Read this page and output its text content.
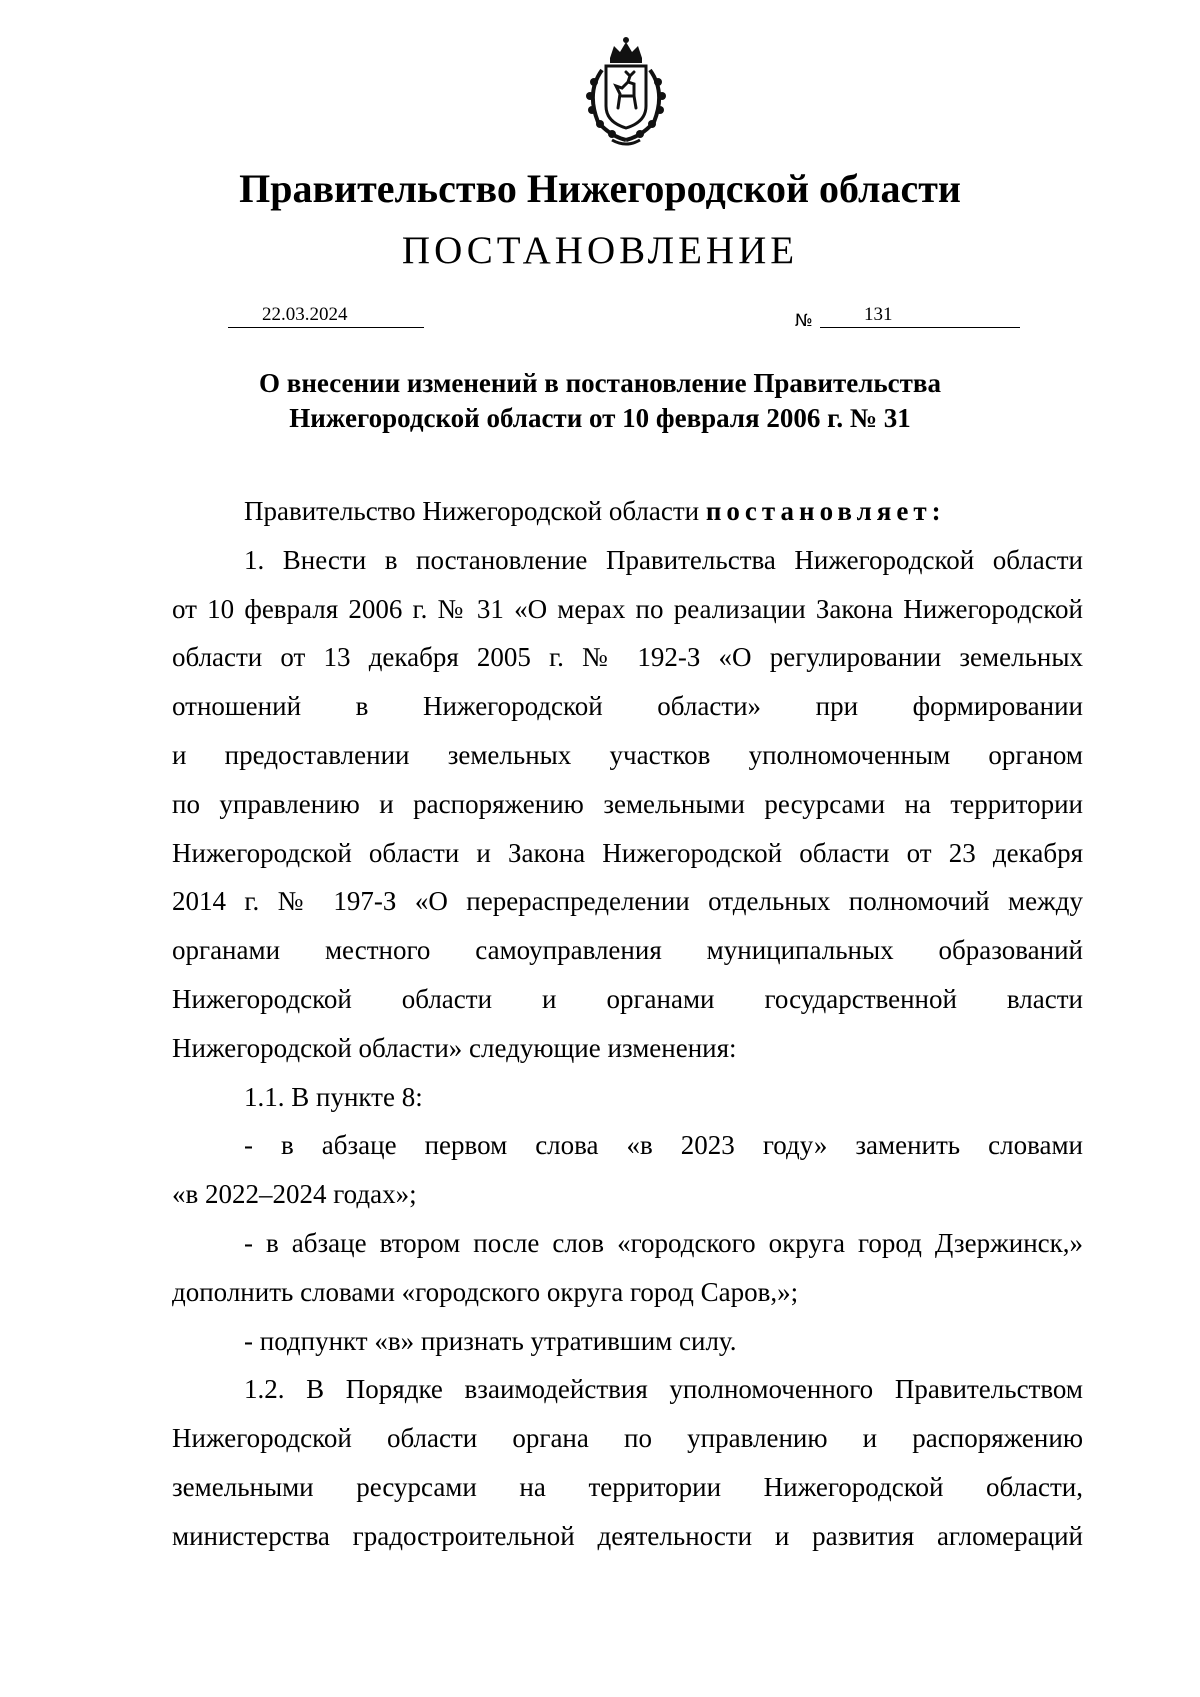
Правительство Нижегородской области
ПОСТАНОВЛЕНИЕ
22.03.2024	№	131
О внесении изменений в постановление Правительства
Нижегородской области от 10 февраля 2006 г. № 31

Правительство Нижегородской области постановляет:

1. Внести в постановление Правительства Нижегородской области

от 10 февраля 2006 г. № 31 «О мерах по реализации Закона Нижегородской

области от 13 декабря 2005 г. № 192-З «О регулировании земельных

отношений в Нижегородской области» при формировании

и предоставлении земельных участков уполномоченным органом

по управлению и распоряжению земельными ресурсами на территории

Нижегородской области и Закона Нижегородской области от 23 декабря

2014 г. № 197-З «О перераспределении отдельных полномочий между

органами местного самоуправления муниципальных образований

Нижегородской области и органами государственной власти

Нижегородской области» следующие изменения:

1.1. В пункте 8:

- в абзаце первом слова «в 2023 году» заменить словами

«в 2022–2024 годах»;

- в абзаце втором после слов «городского округа город Дзержинск,»

дополнить словами «городского округа город Саров,»;

- подпункт «в» признать утратившим силу.

1.2. В Порядке взаимодействия уполномоченного Правительством

Нижегородской области органа по управлению и распоряжению

земельными ресурсами на территории Нижегородской области,

министерства градостроительной деятельности и развития агломераций
